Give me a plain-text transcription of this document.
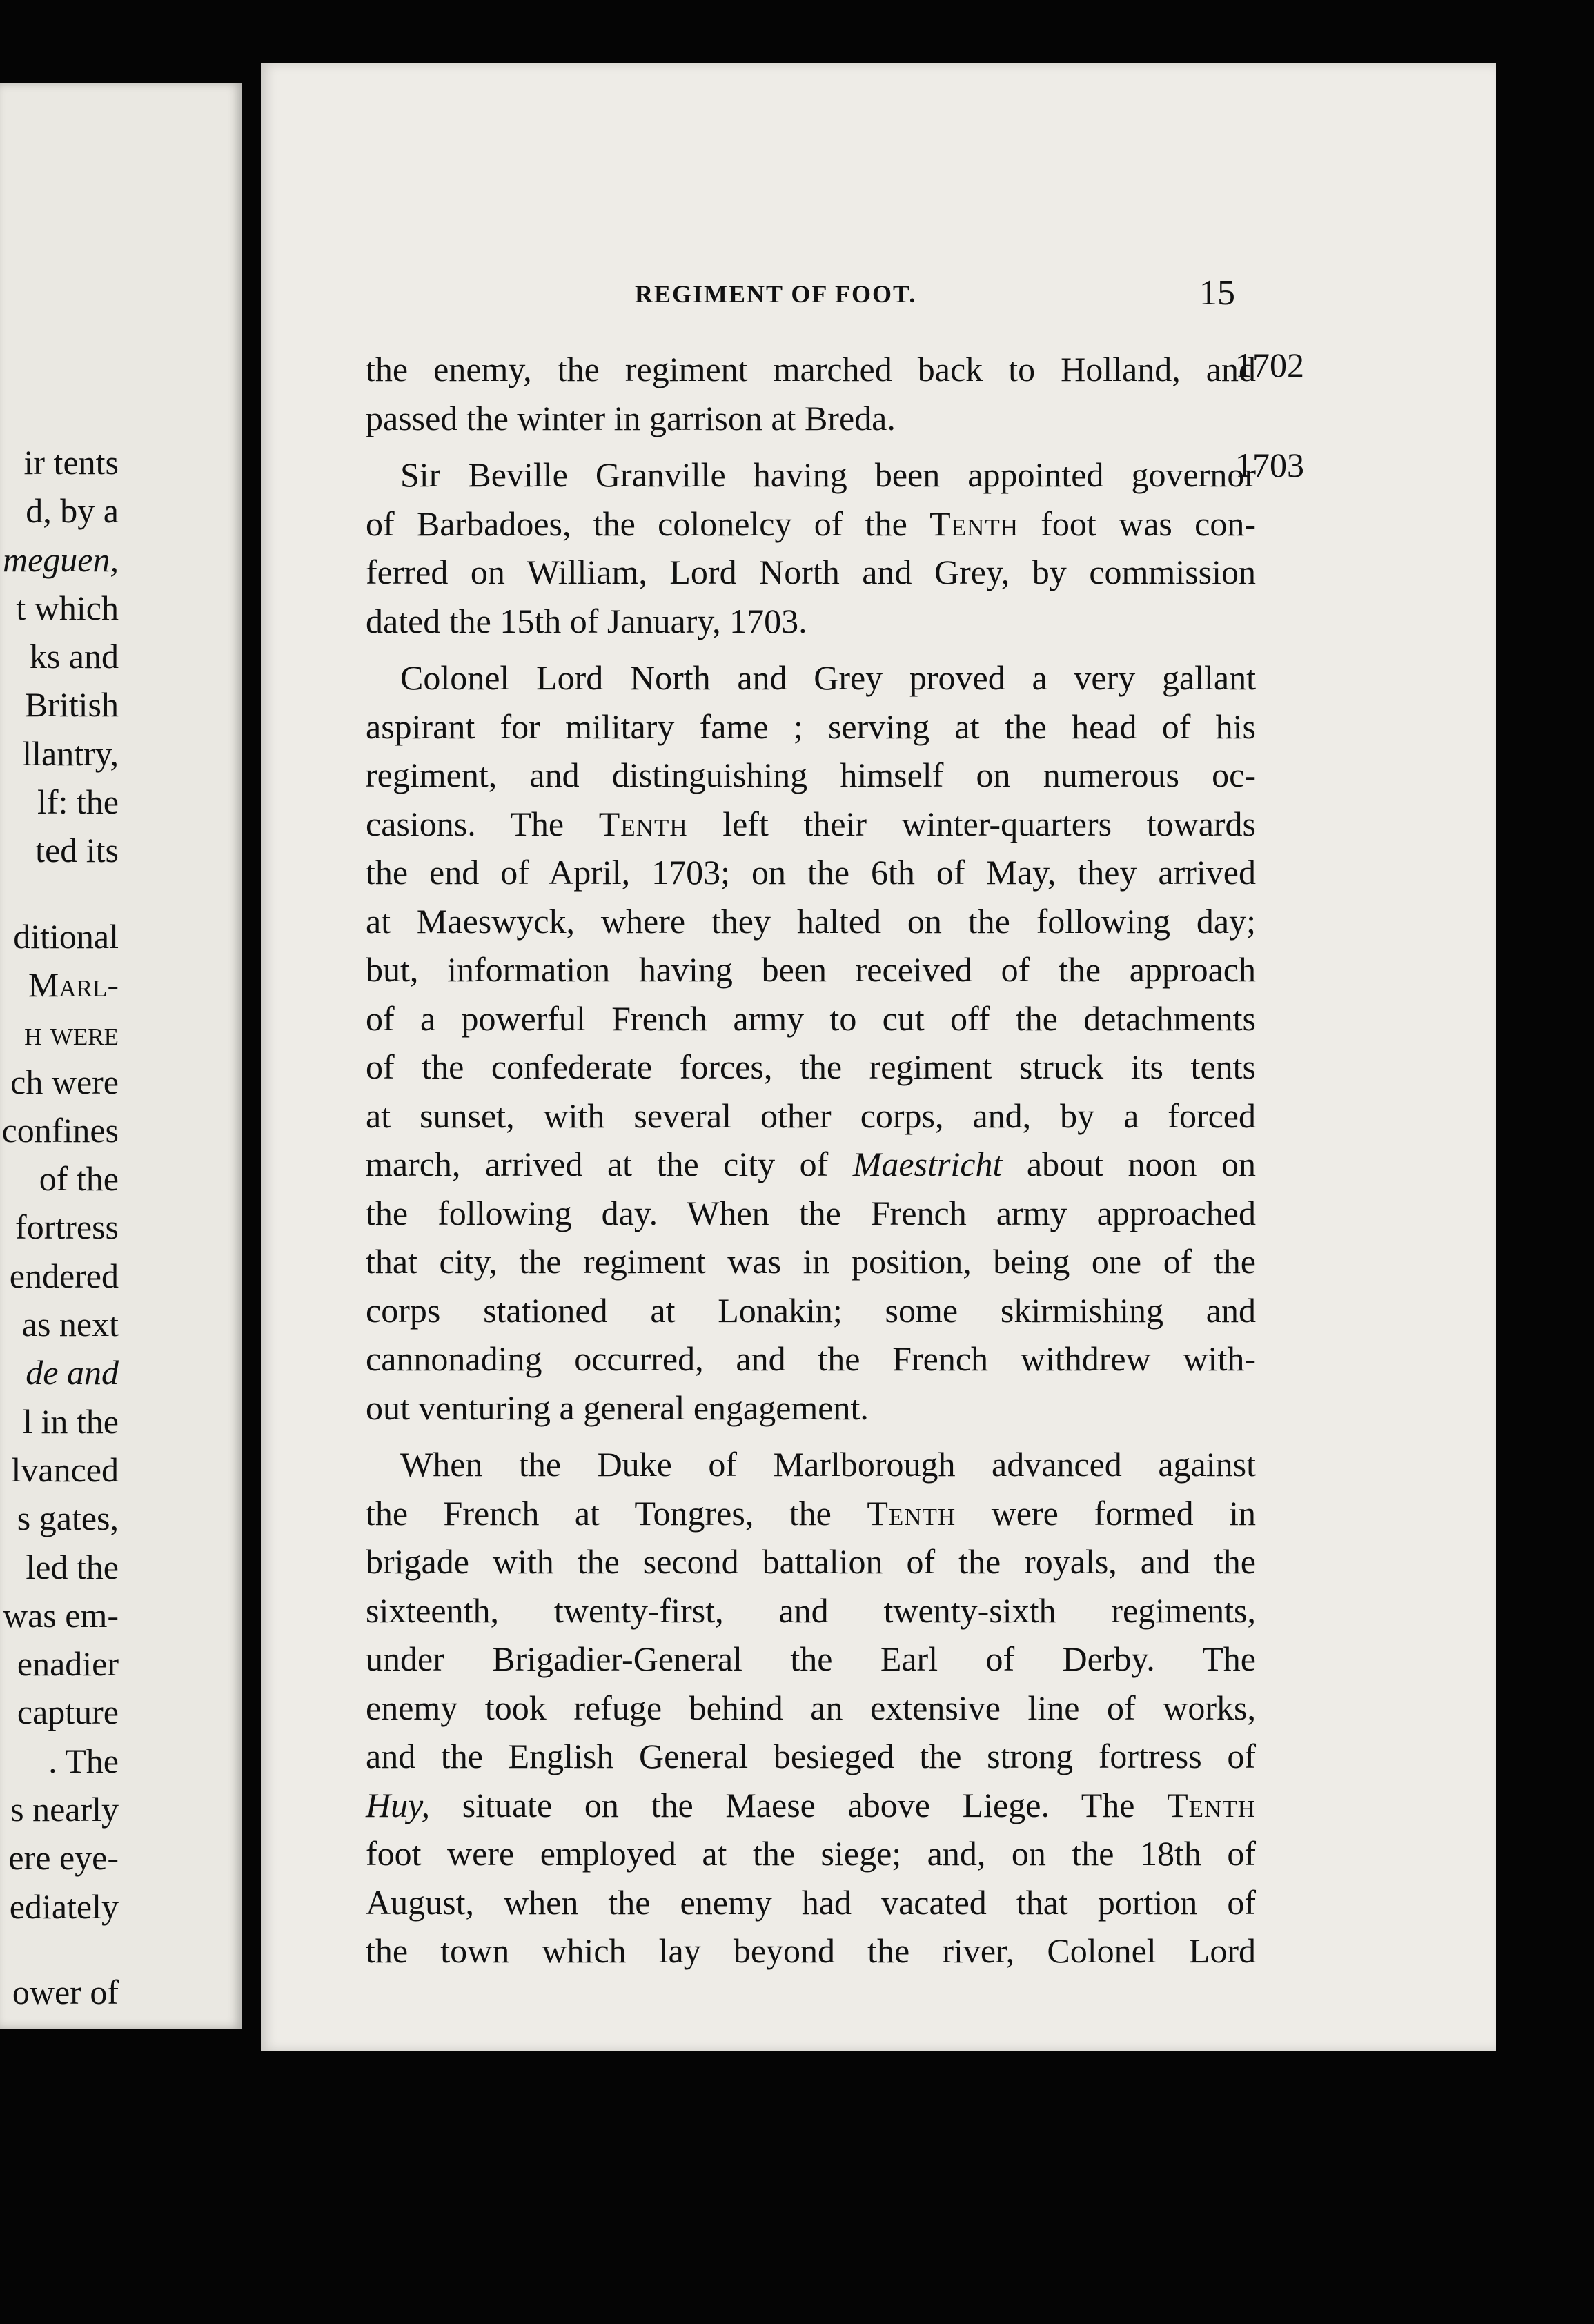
ir tents
d, by a
meguen,
t which
ks and
British
llantry,
lf: the
ted its
ditional
Marl-
h were
ch were
confines
of the
fortress
endered
as next
de and
l in the
lvanced
s gates,
led the
was em-
enadier
capture
. The
s nearly
ere eye-
ediately
ower of
REGIMENT OF FOOT.	15
1702
1703
the enemy, the regiment marched back to Holland, and
passed the winter in garrison at Breda.
Sir Beville Granville having been appointed governor
of Barbadoes, the colonelcy of the Tenth foot was con-
ferred on William, Lord North and Grey, by commission
dated the 15th of January, 1703.
Colonel Lord North and Grey proved a very gallant
aspirant for military fame ; serving at the head of his
regiment, and distinguishing himself on numerous oc-
casions. The Tenth left their winter-quarters towards
the end of April, 1703; on the 6th of May, they arrived
at Maeswyck, where they halted on the following day;
but, information having been received of the approach
of a powerful French army to cut off the detachments
of the confederate forces, the regiment struck its tents
at sunset, with several other corps, and, by a forced
march, arrived at the city of Maestricht about noon on
the following day. When the French army approached
that city, the regiment was in position, being one of the
corps stationed at Lonakin; some skirmishing and
cannonading occurred, and the French withdrew with-
out venturing a general engagement.
When the Duke of Marlborough advanced against
the French at Tongres, the Tenth were formed in
brigade with the second battalion of the royals, and the
sixteenth, twenty-first, and twenty-sixth regiments,
under Brigadier-General the Earl of Derby. The
enemy took refuge behind an extensive line of works,
and the English General besieged the strong fortress of
Huy, situate on the Maese above Liege. The Tenth
foot were employed at the siege; and, on the 18th of
August, when the enemy had vacated that portion of
the town which lay beyond the river, Colonel Lord
